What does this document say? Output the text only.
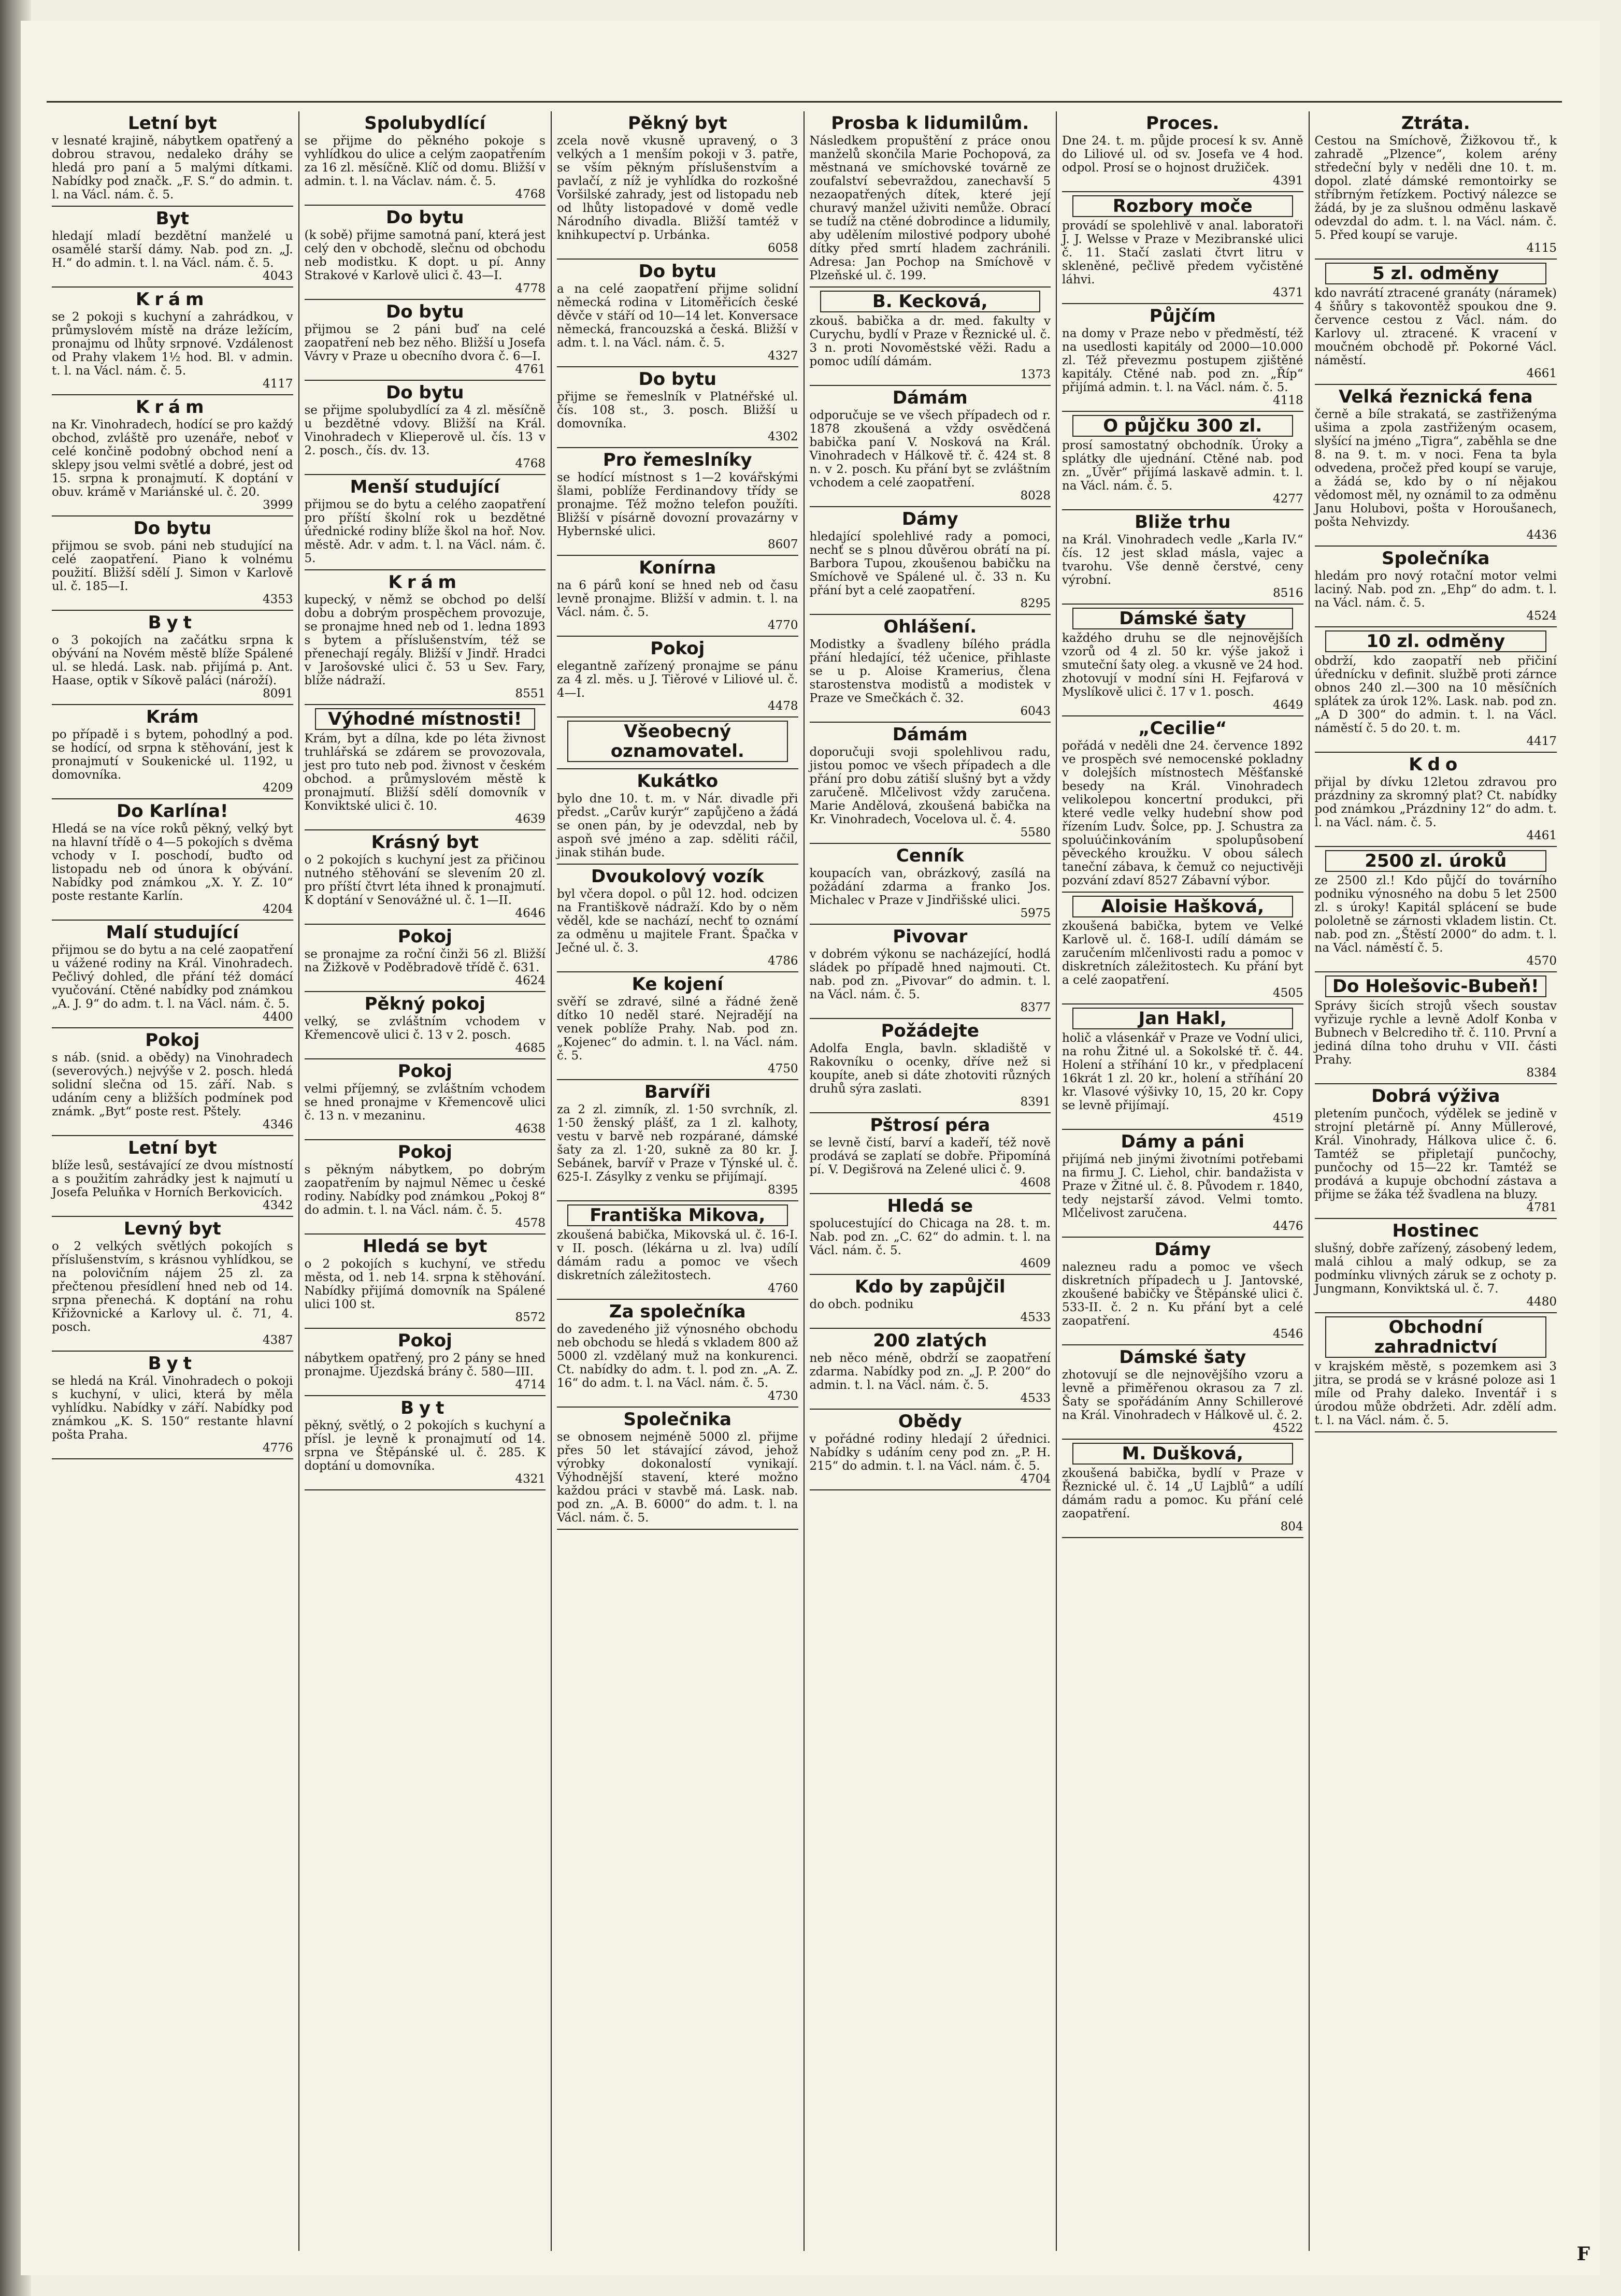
Letní byt

v lesnaté krajině, nábytkem opatřený a dobrou stravou, nedaleko dráhy se hledá pro paní a 5 malými dítkami. Nabídky pod značk. „F. S.“ do admin. t. l. na Václ. nám. č. 5.

Byt

hledají mladí bezdětní manželé u osamělé starší dámy. Nab. pod zn. „J. H.“ do admin. t. l. na Václ. nám. č. 5.

4043
Krám

se 2 pokoji s kuchyní a zahrádkou, v průmyslovém místě na dráze ležícím, pronajmu od lhůty srpnové. Vzdálenost od Prahy vlakem 1½ hod. Bl. v admin. t. l. na Václ. nám. č. 5.

4117
Krám

na Kr. Vinohradech, hodící se pro každý obchod, zvláště pro uzenáře, neboť v celé končině podobný obchod není a sklepy jsou velmi světlé a dobré, jest od 15. srpna k pronajmutí. K doptání v obuv. krámě v Mariánské ul. č. 20.

3999
Do bytu

přijmou se svob. páni neb studující na celé zaopatření. Piano k volnému použití. Bližší sdělí J. Simon v Karlově ul. č. 185—I.

4353
Byt

o 3 pokojích na začátku srpna k obývání na Novém městě blíže Spálené ul. se hledá. Lask. nab. přijímá p. Ant. Haase, optik v Síkově paláci (nároží).

8091
Krám

po případě i s bytem, pohodlný a pod. se hodící, od srpna k stěhování, jest k pronajmutí v Soukenické ul. 1192, u domovníka.

4209
Do Karlína!

Hledá se na více roků pěkný, velký byt na hlavní třídě o 4—5 pokojích s dvěma vchody v I. poschodí, buďto od listopadu neb od února k obývání. Nabídky pod známkou „X. Y. Z. 10“ poste restante Karlín.

4204
Malí studující

přijmou se do bytu a na celé zaopatření u vážené rodiny na Král. Vinohradech. Pečlivý dohled, dle přání též domácí vyučování. Ctěné nabídky pod známkou „A. J. 9“ do adm. t. l. na Václ. nám. č. 5.

4400
Pokoj

s náb. (snid. a obědy) na Vinohradech (severových.) nejvýše v 2. posch. hledá solidní slečna od 15. září. Nab. s udáním ceny a bližších podmínek pod známk. „Byt“ poste rest. Pštely.

4346
Letní byt

blíže lesů, sestávající ze dvou místností a s použitím zahrádky jest k najmutí u Josefa Peluňka v Horních Berkovicích.

4342
Levný byt

o 2 velkých světlých pokojích s příslušenstvím, s krásnou vyhlídkou, se na polovičním nájem 25 zl. za přečtenou přesídlení hned neb od 14. srpna přenechá. K doptání na rohu Křižovnické a Karlovy ul. č. 71, 4. posch.

4387
Byt

se hledá na Král. Vinohradech o pokoji s kuchyní, v ulici, která by měla vyhlídku. Nabídky v září. Nabídky pod známkou „K. S. 150“ restante hlavní pošta Praha.

4776
Spolubydlící

se přijme do pěkného pokoje s vyhlídkou do ulice a celým zaopatřením za 16 zl. měsíčně. Klíč od domu. Bližší v admin. t. l. na Václav. nám. č. 5.

4768
Do bytu

(k sobě) přijme samotná paní, která jest celý den v obchodě, slečnu od obchodu neb modistku. K dopt. u pí. Anny Strakové v Karlově ulici č. 43—I.

4778
Do bytu

přijmou se 2 páni buď na celé zaopatření neb bez něho. Bližší u Josefa Vávry v Praze u obecního dvora č. 6—I.

4761
Do bytu

se přijme spolubydlící za 4 zl. měsíčně u bezdětné vdovy. Bližší na Král. Vinohradech v Klieperově ul. čís. 13 v 2. posch., čís. dv. 13.

4768
Menší studující

přijmou se do bytu a celého zaopatření pro příští školní rok u bezdětné úřednické rodiny blíže škol na hoř. Nov. městě. Adr. v adm. t. l. na Václ. nám. č. 5.

Krám

kupecký, v němž se obchod po delší dobu a dobrým prospěchem provozuje, se pronajme hned neb od 1. ledna 1893 s bytem a příslušenstvím, též se přenechají regály. Bližší v Jindř. Hradci v Jarošovské ulici č. 53 u Sev. Fary, blíže nádraží.

8551
Výhodné místnosti!

Krám, byt a dílna, kde po léta živnost truhlářská se zdárem se provozovala, jest pro tuto neb pod. živnost v českém obchod. a průmyslovém městě k pronajmutí. Bližší sdělí domovník v Konviktské ulici č. 10.

4639
Krásný byt

o 2 pokojích s kuchyní jest za přičinou nutného stěhování se slevením 20 zl. pro příští čtvrt léta ihned k pronajmutí. K doptání v Senovážné ul. č. 1—II.

4646
Pokoj

se pronajme za roční činži 56 zl. Bližší na Žižkově v Poděbradově třídě č. 631.

4624
Pěkný pokoj

velký, se zvláštním vchodem v Křemencově ulici č. 13 v 2. posch.

4685
Pokoj

velmi příjemný, se zvláštním vchodem se hned pronajme v Křemencově ulici č. 13 n. v mezaninu.

4638
Pokoj

s pěkným nábytkem, po dobrým zaopatřením by najmul Němec u české rodiny. Nabídky pod známkou „Pokoj 8“ do admin. t. l. na Václ. nám. č. 5.

4578
Hledá se byt

o 2 pokojích s kuchyní, ve středu města, od 1. neb 14. srpna k stěhování. Nabídky přijímá domovník na Spálené ulici 100 st.

8572
Pokoj

nábytkem opatřený, pro 2 pány se hned pronajme. Újezdská brány č. 580—III.

4714
Byt

pěkný, světlý, o 2 pokojích s kuchyní a přísl. je levně k pronajmutí od 14. srpna ve Štěpánské ul. č. 285. K doptání u domovníka.

4321
Pěkný byt

zcela nově vkusně upravený, o 3 velkých a 1 menším pokoji v 3. patře, se vším pěkným příslušenstvím a pavlačí, z níž je vyhlídka do rozkošné Voršilské zahrady, jest od listopadu neb od lhůty listopadové v domě vedle Národního divadla. Bližší tamtéž v knihkupectví p. Urbánka.

6058
Do bytu

a na celé zaopatření přijme solidní německá rodina v Litoměřicích české děvče v stáří od 10—14 let. Konversace německá, francouzská a česká. Bližší v adm. t. l. na Václ. nám. č. 5.

4327
Do bytu

přijme se řemeslník v Platnéřské ul. čís. 108 st., 3. posch. Bližší u domovníka.

4302
Pro řemeslníky

se hodící místnost s 1—2 kovářskými šlami, poblíže Ferdinandovy třídy se pronajme. Též možno telefon použíti. Bližší v písárně dovozní provazárny v Hybernské ulici.

8607
Konírna

na 6 párů koní se hned neb od času levně pronajme. Bližší v admin. t. l. na Václ. nám. č. 5.

4770
Pokoj

elegantně zařízený pronajme se pánu za 4 zl. měs. u J. Tiěrové v Liliové ul. č. 4—I.

4478
Všeobecný oznamovatel.

Kukátko

bylo dne 10. t. m. v Nár. divadle při předst. „Carův kurýr“ zapůjčeno a žádá se onen pán, by je odevzdal, neb by aspoň své jméno a zap. sděliti ráčil, jinak stihán bude.

Dvoukolový vozík

byl včera dopol. o půl 12. hod. odcizen na Františkově nádraží. Kdo by o něm věděl, kde se nachází, nechť to oznámí za odměnu u majitele Frant. Špačka v Ječné ul. č. 3.

4786
Ke kojení

svěří se zdravé, silné a řádné ženě dítko 10 neděl staré. Nejradějí na venek poblíže Prahy. Nab. pod zn. „Kojenec“ do admin. t. l. na Václ. nám. č. 5.

4750
Barvíři

za 2 zl. zimník, zl. 1·50 svrchník, zl. 1·50 ženský plášť, za 1 zl. kalhoty, vestu v barvě neb rozpárané, dámské šaty za zl. 1·20, sukně za 80 kr. J. Sebánek, barvíř v Praze v Týnské ul. č. 625-I. Zásylky z venku se přijímají.

8395
Františka Mikova,

zkoušená babička, Mikovská ul. č. 16-I. v II. posch. (lékárna u zl. lva) udílí dámám radu a pomoc ve všech diskretních záležitostech.

4760
Za společníka

do zavedeného již výnosného obchodu neb obchodu se hledá s vkladem 800 až 5000 zl. vzdělaný muž na konkurenci. Ct. nabídky do adm. t. l. pod zn. „A. Z. 16“ do adm. t. l. na Václ. nám. č. 5.

4730
Společnika

se obnosem nejméně 5000 zl. přijme přes 50 let stávající závod, jehož výrobky dokonalostí vynikají. Výhodnější stavení, které možno každou práci v stavbě má. Lask. nab. pod zn. „A. B. 6000“ do adm. t. l. na Václ. nám. č. 5.

Prosba k lidumilům.

Následkem propuštění z práce onou manželů skončila Marie Pochopová, za městnaná ve smíchovské továrně ze zoufalství sebevraždou, zanechavší 5 nezaopatřených dítek, které její churavý manžel uživiti nemůže. Obrací se tudíž na ctěné dobrodince a lidumily, aby udělením milostivé podpory ubohé dítky před smrtí hladem zachránili. Adresa: Jan Pochop na Smíchově v Plzeňské ul. č. 199.

B. Kecková,

zkouš. babička a dr. med. fakulty v Curychu, bydlí v Praze v Řeznické ul. č. 3 n. proti Novoměstské věži. Radu a pomoc udílí dámám.

1373
Dámám

odporučuje se ve všech případech od r. 1878 zkoušená a vždy osvědčená babička paní V. Nosková na Král. Vinohradech v Hálkově tř. č. 424 st. 8 n. v 2. posch. Ku přání byt se zvláštním vchodem a celé zaopatření.

8028
Dámy

hledající spolehlivé rady a pomoci, nechť se s plnou důvěrou obrátí na pí. Barbora Tupou, zkoušenou babičku na Smíchově ve Spálené ul. č. 33 n. Ku přání byt a celé zaopatření.

8295
Ohlášení.

Modistky a švadleny bílého prádla přání hledající, též učenice, přihlaste se u p. Aloise Kramerius, člena starostenstva modistů a modistek v Praze ve Smečkách č. 32.

6043
Dámám

doporučuji svoji spolehlivou radu, jistou pomoc ve všech případech a dle přání pro dobu zátiší slušný byt a vždy zaručeně. Mlčelivost vždy zaručena. Marie Andělová, zkoušená babička na Kr. Vinohradech, Vocelova ul. č. 4.

5580
Cenník

koupacích van, obrázkový, zasílá na požádání zdarma a franko Jos. Michalec v Praze v Jindřišské ulici.

5975
Pivovar

v dobrém výkonu se nacházející, hodlá sládek po případě hned najmouti. Ct. nab. pod zn. „Pivovar“ do admin. t. l. na Václ. nám. č. 5.

8377
Požádejte

Adolfa Engla, bavln. skladiště v Rakovníku o ocenky, dříve než si koupíte, aneb si dáte zhotoviti různých druhů sýra zaslati.

8391
Pštrosí péra

se levně čistí, barví a kadeří, též nově prodává se zaplatí se dobře. Připomíná pí. V. Degišrová na Zelené ulici č. 9.

4608
Hledá se

spolucestující do Chicaga na 28. t. m. Nab. pod zn. „C. 62“ do admin. t. l. na Václ. nám. č. 5.

4609
Kdo by zapůjčil

do obch. podniku

4533
200 zlatých

neb něco méně, obdrží se zaopatření zdarma. Nabídky pod zn. „J. P. 200“ do admin. t. l. na Václ. nám. č. 5.

4533
Obědy

v pořádné rodiny hledají 2 úřednici. Nabídky s udáním ceny pod zn. „P. H. 215“ do admin. t. l. na Václ. nám. č. 5.

4704
Proces.

Dne 24. t. m. půjde procesí k sv. Anně do Liliové ul. od sv. Josefa ve 4 hod. odpol. Prosí se o hojnost družiček.

4391
Rozbory moče

provádí se spolehlivě v anal. laboratoři J. J. Welsse v Praze v Mezibranské ulici č. 11. Stačí zaslati čtvrt litru v skleněné, pečlivě předem vyčistěné láhvi.

4371
Půjčím

na domy v Praze nebo v předměstí, též na usedlosti kapitály od 2000—10.000 zl. Též převezmu postupem zjištěné kapitály. Ctěné nab. pod zn. „Říp“ přijímá admin. t. l. na Václ. nám. č. 5.

4118
O půjčku 300 zl.

prosí samostatný obchodník. Úroky a splátky dle ujednání. Ctěné nab. pod zn. „Úvěr“ přijímá laskavě admin. t. l. na Václ. nám. č. 5.

4277
Bliže trhu

na Král. Vinohradech vedle „Karla IV.“ čís. 12 jest sklad másla, vajec a tvarohu. Vše denně čerstvé, ceny výrobní.

8516
Dámské šaty

každého druhu se dle nejnovějších vzorů od 4 zl. 50 kr. výše jakož i smuteční šaty oleg. a vkusně ve 24 hod. zhotovují v modní síni H. Fejfarová v Myslíkově ulici č. 17 v 1. posch.

4649
„Cecilie“

pořádá v neděli dne 24. července 1892 ve prospěch své nemocenské pokladny v dolejších místnostech Měšťanské besedy na Král. Vinohradech velikolepou koncertní produkci, při které vedle velky hudební show pod řízením Ludv. Šolce, pp. J. Schustra za spoluúčinkováním spolupůsobení pěveckého kroužku. V obou sálech taneční zábava, k čemuž co nejuctivěji pozvání zdaví 8527 Zábavní výbor.

Aloisie Hašková,

zkoušená babička, bytem ve Velké Karlově ul. č. 168-I. udílí dámám se zaručením mlčenlivosti radu a pomoc v diskretních záležitostech. Ku přání byt a celé zaopatření.

4505
Jan Hakl,

holič a vlásenkář v Praze ve Vodní ulici, na rohu Žitné ul. a Sokolské tř. č. 44. Holení a stříhání 10 kr., v předplacení 16krát 1 zl. 20 kr., holení a stříhání 20 kr. Vlasové výšivky 10, 15, 20 kr. Copy se levně přijímají.

4519
Dámy a páni

přijímá neb jinými životními potřebami na firmu J. C. Liehol, chir. bandažista v Praze v Žitné ul. č. 8. Původem r. 1840, tedy nejstarší závod. Velmi tomto. Mlčelivost zaručena.

4476
Dámy

nalezneu radu a pomoc ve všech diskretních případech u J. Jantovské, zkoušené babičky ve Štěpánské ulici č. 533-II. č. 2 n. Ku přání byt a celé zaopatření.

4546
Dámské šaty

zhotovují se dle nejnovějšího vzoru a levně a přiměřenou okrasou za 7 zl. Šaty se spořádáním Anny Schillerové na Král. Vinohradech v Hálkově ul. č. 2.

4522
M. Dušková,

zkoušená babička, bydlí v Praze v Řeznické ul. č. 14 „U Lajblů“ a udílí dámám radu a pomoc. Ku přání celé zaopatření.

804
Ztráta.

Cestou na Smíchově, Žižkovou tř., k zahradě „Plzence“, kolem arény středeční byly v neděli dne 10. t. m. dopol. zlaté dámské remontoirky se stříbrným řetízkem. Poctivý nálezce se žádá, by je za slušnou odměnu laskavě odevzdal do adm. t. l. na Václ. nám. č. 5. Před koupí se varuje.

4115
5 zl. odměny

kdo navrátí ztracené granáty (náramek) 4 šňůry s takovontěž spoukou dne 9. července cestou z Václ. nám. do Karlovy ul. ztracené. K vracení v moučném obchodě př. Pokorné Václ. náměstí.

4661
Velká řeznická fena

černě a bíle strakatá, se zastřiženýma ušima a zpola zastřiženým ocasem, slyšící na jméno „Tigra“, zaběhla se dne 8. na 9. t. m. v noci. Fena ta byla odvedena, pročež před koupí se varuje, a žádá se, kdo by o ní nějakou vědomost měl, ny oznámil to za odměnu Janu Holubovi, pošta v Horoušanech, pošta Nehvizdy.

4436
Společníka

hledám pro nový rotační motor velmi laciný. Nab. pod zn. „Ehp“ do adm. t. l. na Václ. nám. č. 5.

4524
10 zl. odměny

obdrží, kdo zaopatří neb přičiní úřednícku v definit. službě proti zárnce obnos 240 zl.—300 na 10 měsíčních splátek za úrok 12%. Lask. nab. pod zn. „A D 300“ do admin. t. l. na Václ. náměstí č. 5 do 20. t. m.

4417
Kdo

přijal by dívku 12letou zdravou pro prázdniny za skromný plat? Ct. nabídky pod známkou „Prázdniny 12“ do adm. t. l. na Václ. nám. č. 5.

4461
2500 zl. úroků

ze 2500 zl.! Kdo půjčí do továrního podniku výnosného na dobu 5 let 2500 zl. s úroky! Kapitál splácení se bude pololetně se zárnosti vkladem listin. Ct. nab. pod zn. „Štěstí 2000“ do adm. t. l. na Václ. náměstí č. 5.

4570
Do Holešovic-Bubeň!

Správy šicích strojů všech soustav vyřizuje rychle a levně Adolf Konba v Bubnech v Belcrediho tř. č. 110. První a jediná dílna toho druhu v VII. části Prahy.

8384
Dobrá výživa

pletením punčoch, výdělek se jedině v strojní pletárně pí. Anny Müllerové, Král. Vinohrady, Hálkova ulice č. 6. Tamtéž se připletají punčochy, punčochy od 15—22 kr. Tamtéž se prodává a kupuje obchodní zástava a přijme se žáka též švadlena na bluzy.

4781
Hostinec

slušný, dobře zařízený, zásobený ledem, malá cihlou a malý odkup, se za podmínku vlivných záruk se z ochoty p. Jungmann, Konviktská ul. č. 7.

4480
Obchodní zahradnictví

v krajském městě, s pozemkem asi 3 jitra, se prodá se v krásné poloze asi 1 míle od Prahy daleko. Inventář i s úrodou může obdržeti. Adr. zdělí adm. t. l. na Václ. nám. č. 5.

F
